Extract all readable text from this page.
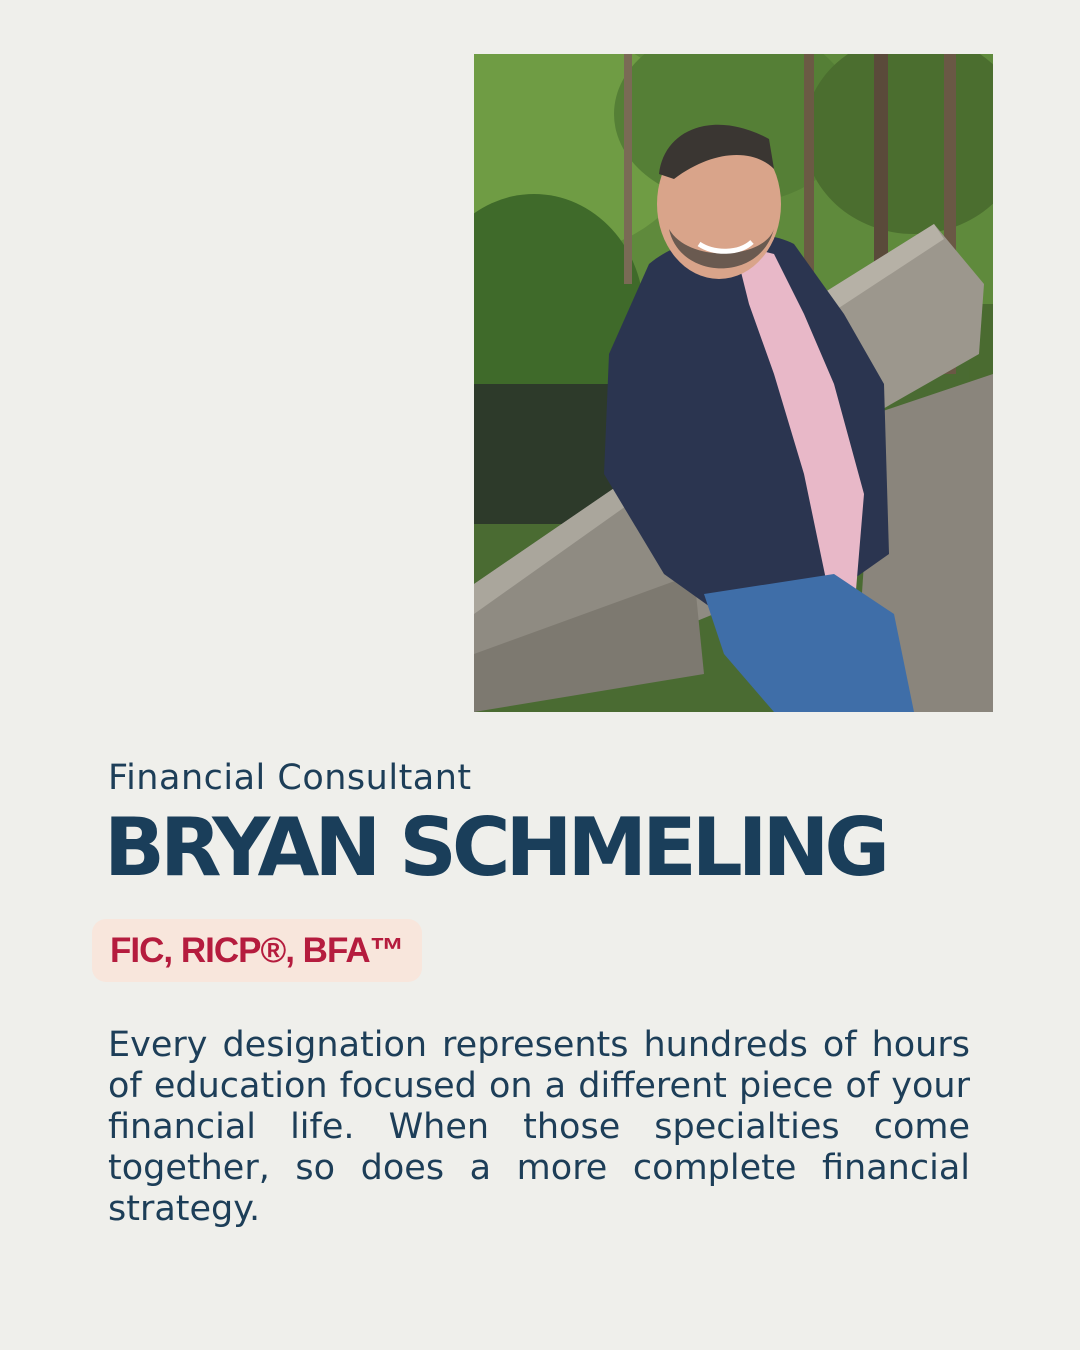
Financial Consultant
BRYAN SCHMELING
FIC, RICP®, BFA™

Every designation represents hundreds of hours of education focused on a different piece of your financial life. When those specialties come together, so does a more complete financial strategy.
